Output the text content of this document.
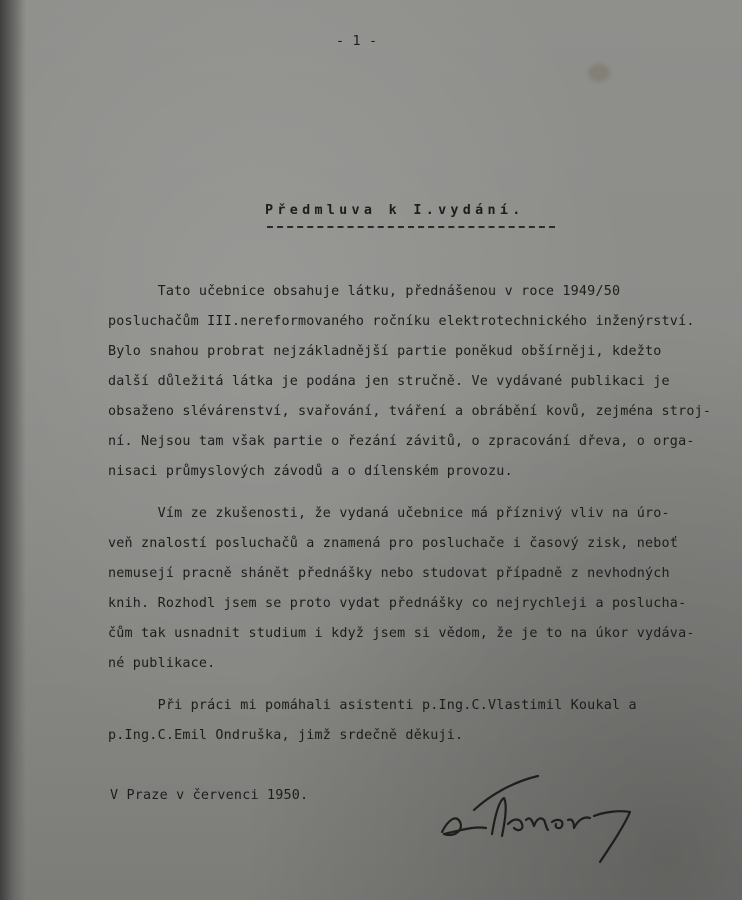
- 1 -
Předmluva k I.vydání.

Tato učebnice obsahuje látku, přednášenou v roce 1949/50

posluchačům III.nereformovaného ročníku elektrotechnického inženýrství.

Bylo snahou probrat nejzákladnější partie poněkud obšírněji, kdežto

další důležitá látka je podána jen stručně. Ve vydávané publikaci je

obsaženo slévárenství, svařování, tváření a obrábění kovů, zejména stroj-

ní. Nejsou tam však partie o řezání závitů, o zpracování dřeva, o orga-

nisaci průmyslových závodů a o dílenském provozu.

Vím ze zkušenosti, že vydaná učebnice má příznivý vliv na úro-

veň znalostí posluchačů a znamená pro posluchače i časový zisk, neboť

nemusejí pracně shánět přednášky nebo studovat případně z nevhodných

knih. Rozhodl jsem se proto vydat přednášky co nejrychleji a posluchа-

čům tak usnadnit studium i když jsem si vědom, že je to na úkor vydáva-

né publikace.

Při práci mi pomáhali asistenti p.Ing.C.Vlastimil Koukal a

p.Ing.C.Emil Ondruška, jimž srdečně děkuji.

V Praze v červenci 1950.
